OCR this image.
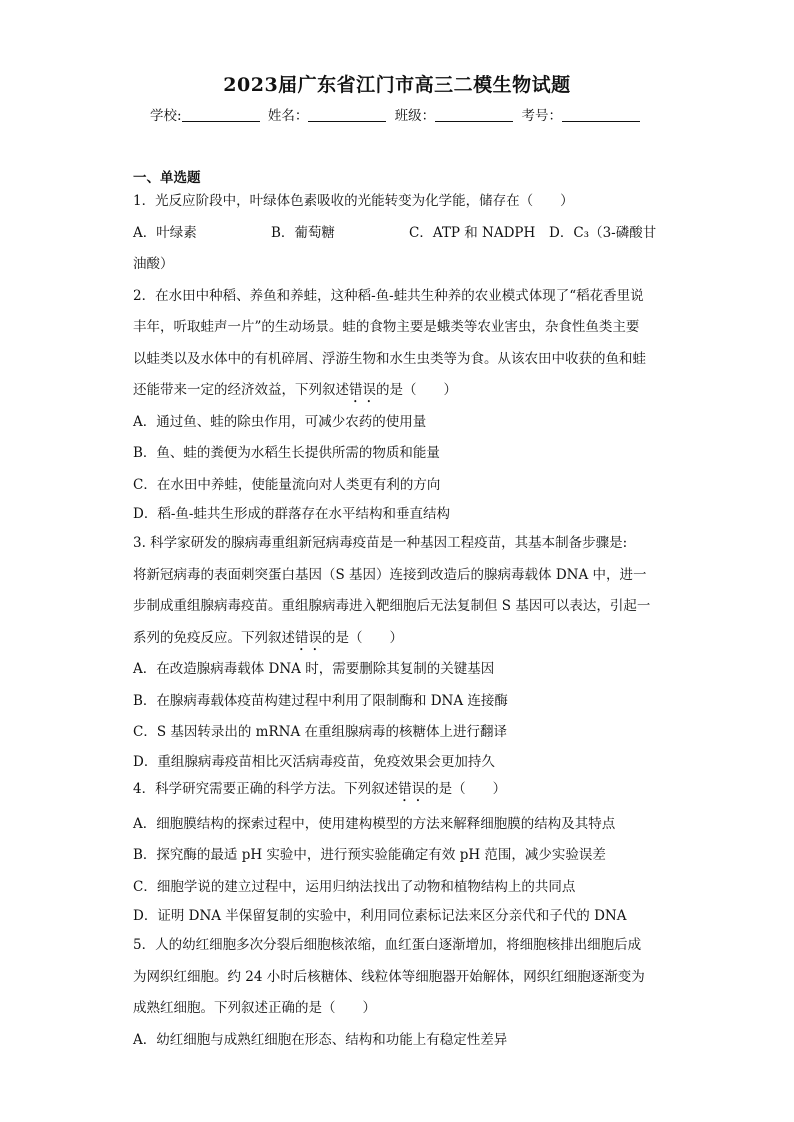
2023届广东省江门市高三二模生物试题
学校:	姓名：	班级：	考号：
一、单选题

1．光反应阶段中，叶绿体色素吸收的光能转变为化学能，储存在（　　）

A．叶绿素	B．葡萄糖	C．ATP 和 NADPH	D．C₃（3-磷酸甘

油酸）

2．在水田中种稻、养鱼和养蛙，这种稻-鱼-蛙共生种养的农业模式体现了“稻花香里说

丰年，听取蛙声一片”的生动场景。蛙的食物主要是蛾类等农业害虫，杂食性鱼类主要

以蛙类以及水体中的有机碎屑、浮游生物和水生虫类等为食。从该农田中收获的鱼和蛙

还能带来一定的经济效益，下列叙述错误的是（　　）

A．通过鱼、蛙的除虫作用，可减少农药的使用量

B．鱼、蛙的粪便为水稻生长提供所需的物质和能量

C．在水田中养蛙，使能量流向对人类更有利的方向

D．稻-鱼-蛙共生形成的群落存在水平结构和垂直结构

3. 科学家研发的腺病毒重组新冠病毒疫苗是一种基因工程疫苗，其基本制备步骤是:

将新冠病毒的表面刺突蛋白基因（S 基因）连接到改造后的腺病毒载体 DNA 中，进一

步制成重组腺病毒疫苗。重组腺病毒进入靶细胞后无法复制但 S 基因可以表达，引起一

系列的免疫反应。下列叙述错误的是（　　）

A．在改造腺病毒载体 DNA 时，需要删除其复制的关键基因

B．在腺病毒载体疫苗构建过程中利用了限制酶和 DNA 连接酶

C．S 基因转录出的 mRNA 在重组腺病毒的核糖体上进行翻译

D．重组腺病毒疫苗相比灭活病毒疫苗，免疫效果会更加持久

4．科学研究需要正确的科学方法。下列叙述错误的是（　　）

A．细胞膜结构的探索过程中，使用建构模型的方法来解释细胞膜的结构及其特点

B．探究酶的最适 pH 实验中，进行预实验能确定有效 pH 范围，减少实验误差

C．细胞学说的建立过程中，运用归纳法找出了动物和植物结构上的共同点

D．证明 DNA 半保留复制的实验中，利用同位素标记法来区分亲代和子代的 DNA

5．人的幼红细胞多次分裂后细胞核浓缩，血红蛋白逐渐增加，将细胞核排出细胞后成

为网织红细胞。约 24 小时后核糖体、线粒体等细胞器开始解体，网织红细胞逐渐变为

成熟红细胞。下列叙述正确的是（　　）

A．幼红细胞与成熟红细胞在形态、结构和功能上有稳定性差异
